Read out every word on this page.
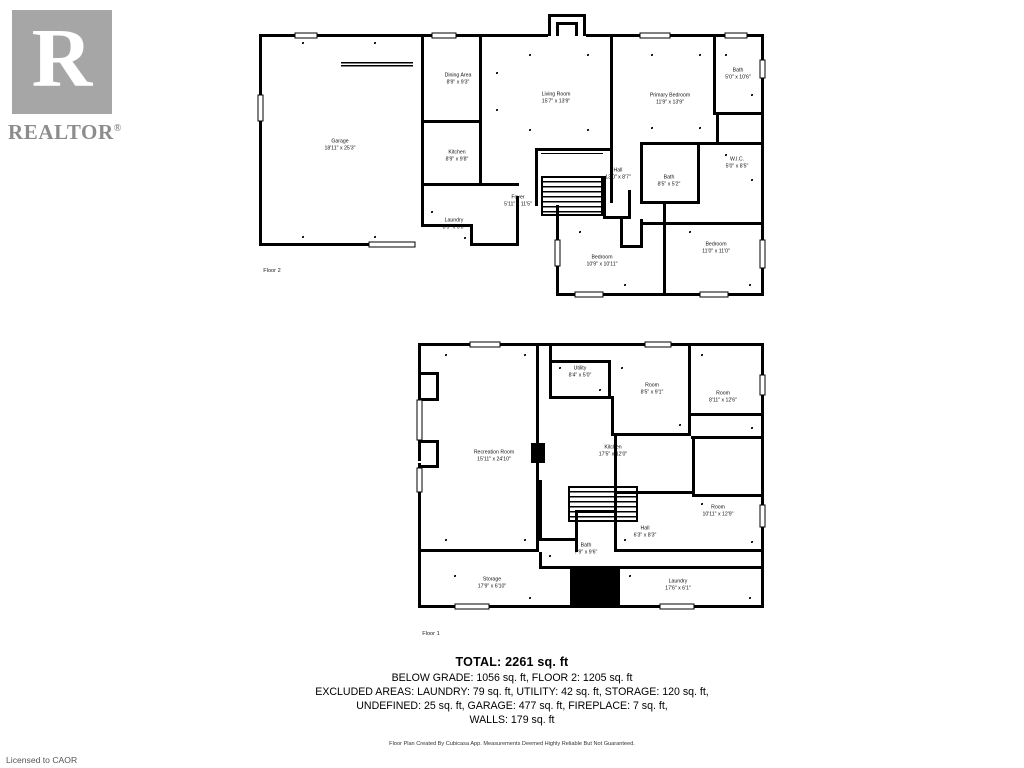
R
REALTOR®
Garage
18'11" x 25'3"
Dining Area
8'9" x 9'3"
Living Room
15'7" x 13'9"
Primary Bedroom
11'9" x 13'9"
Bath
5'0" x 10'6"
Kitchen
8'9" x 9'8"
Hall
13'0" x 8'7"	Bath
8'5" x 5'2"
W.I.C.
5'0" x 8'5"
Foyer
5'11" x 11'5"
Laundry
8'5" x 6'0"
Bedroom
10'9" x 10'11"
Bedroom
11'0" x 11'0"
Floor 2
Utility
8'4" x 5'0"
Room
8'5" x 9'1"	Room
8'11" x 12'6"
Recreation Room
15'11" x 24'10"
Kitchen
17'5" x 12'0"
Room
10'11" x 12'9"
Hall
6'3" x 8'3"
Bath
7'9" x 9'6"
Storage
17'9" x 6'10"
Laundry
17'6" x 6'1"
Floor 1
TOTAL: 2261 sq. ft
BELOW GRADE: 1056 sq. ft, FLOOR 2: 1205 sq. ft
EXCLUDED AREAS: LAUNDRY: 79 sq. ft, UTILITY: 42 sq. ft, STORAGE: 120 sq. ft,
UNDEFINED: 25 sq. ft, GARAGE: 477 sq. ft, FIREPLACE: 7 sq. ft,
WALLS: 179 sq. ft
Floor Plan Created By Cubicasa App. Measurements Deemed Highly Reliable But Not Guaranteed.
Licensed to CAOR
